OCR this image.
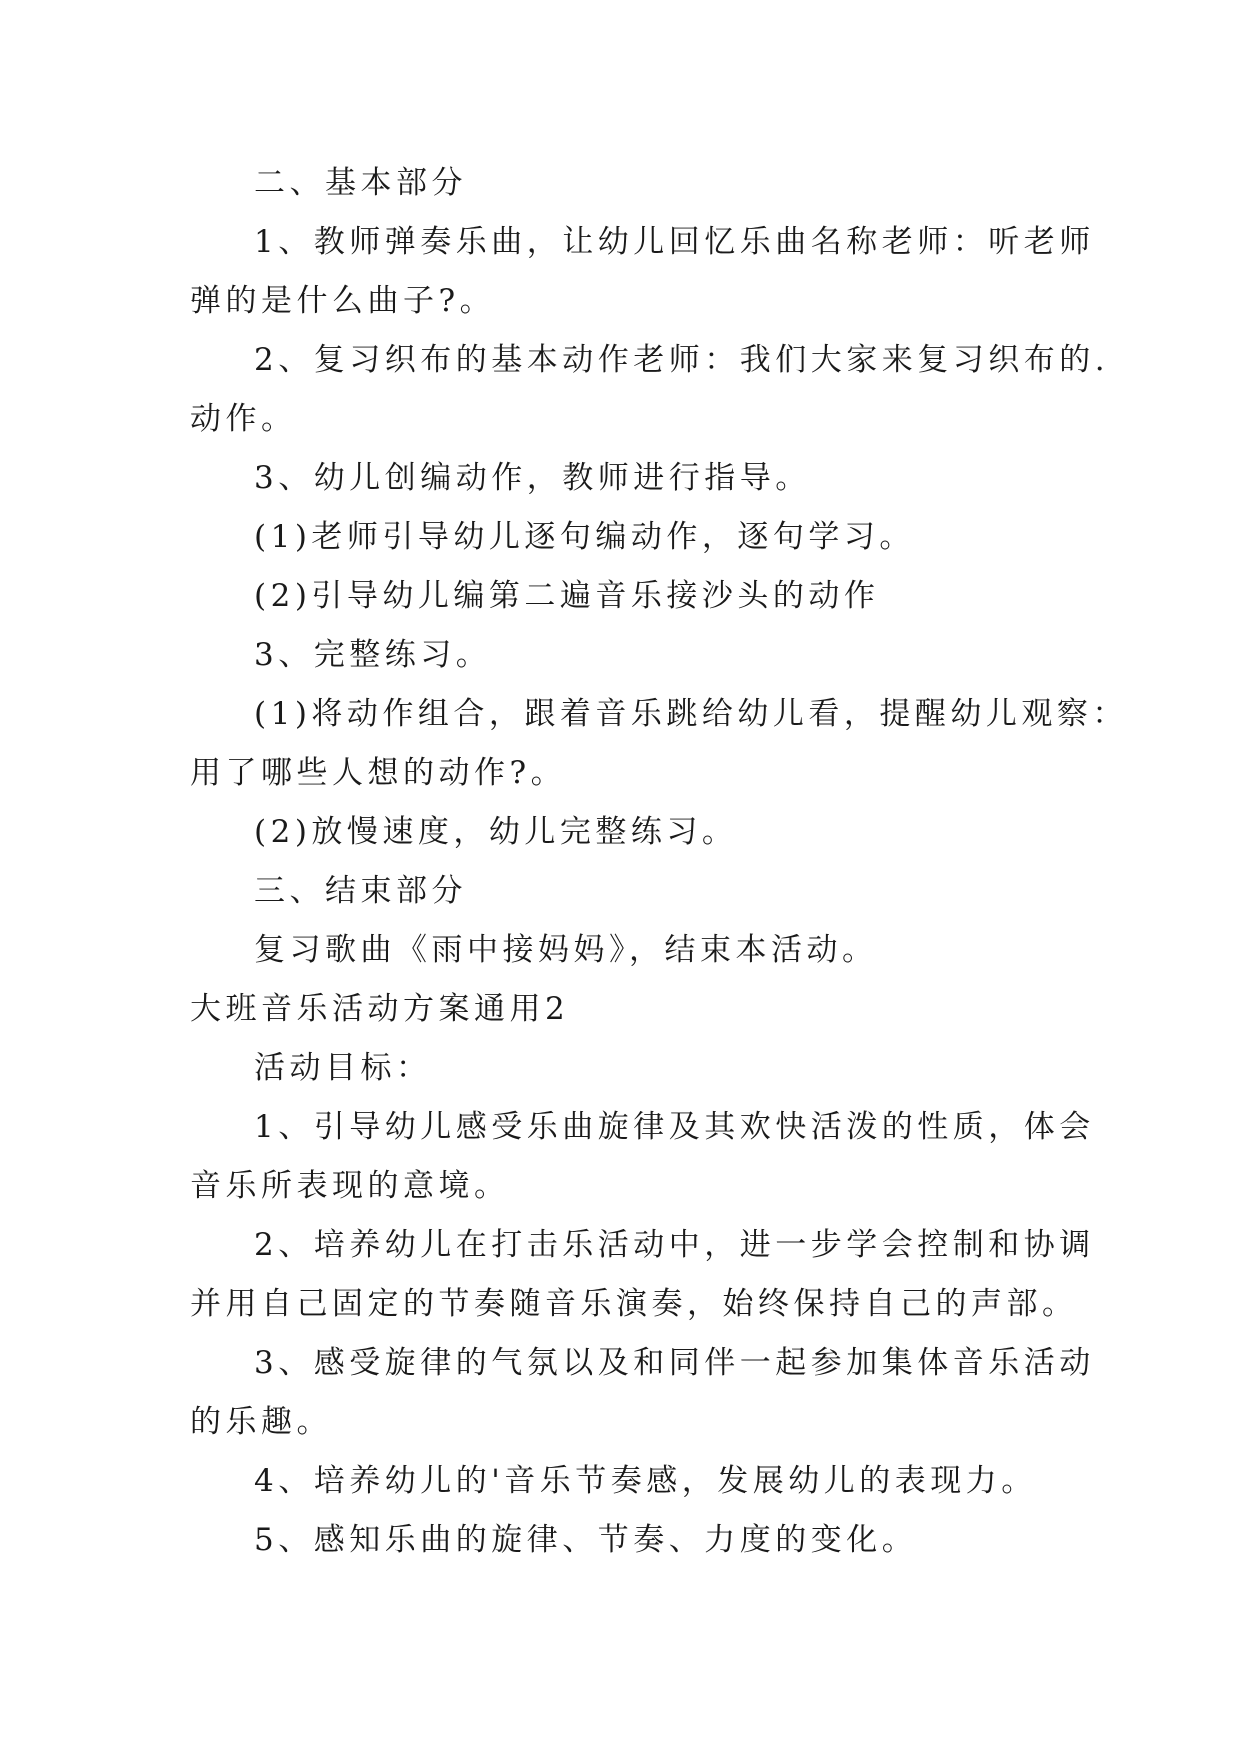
二、基本部分
1、教师弹奏乐曲，让幼儿回忆乐曲名称老师：听老师
弹的是什么曲子?。
2、复习织布的基本动作老师：我们大家来复习织布的.
动作。
3、幼儿创编动作，教师进行指导。
(1)老师引导幼儿逐句编动作，逐句学习。
(2)引导幼儿编第二遍音乐接沙头的动作
3、完整练习。
(1)将动作组合，跟着音乐跳给幼儿看，提醒幼儿观察：
用了哪些人想的动作?。
(2)放慢速度，幼儿完整练习。
三、结束部分
复习歌曲《雨中接妈妈》，结束本活动。
大班音乐活动方案通用2
活动目标：
1、引导幼儿感受乐曲旋律及其欢快活泼的性质，体会
音乐所表现的意境。
2、培养幼儿在打击乐活动中，进一步学会控制和协调
并用自己固定的节奏随音乐演奏，始终保持自己的声部。
3、感受旋律的气氛以及和同伴一起参加集体音乐活动
的乐趣。
4、培养幼儿的'音乐节奏感，发展幼儿的表现力。
5、感知乐曲的旋律、节奏、力度的变化。
